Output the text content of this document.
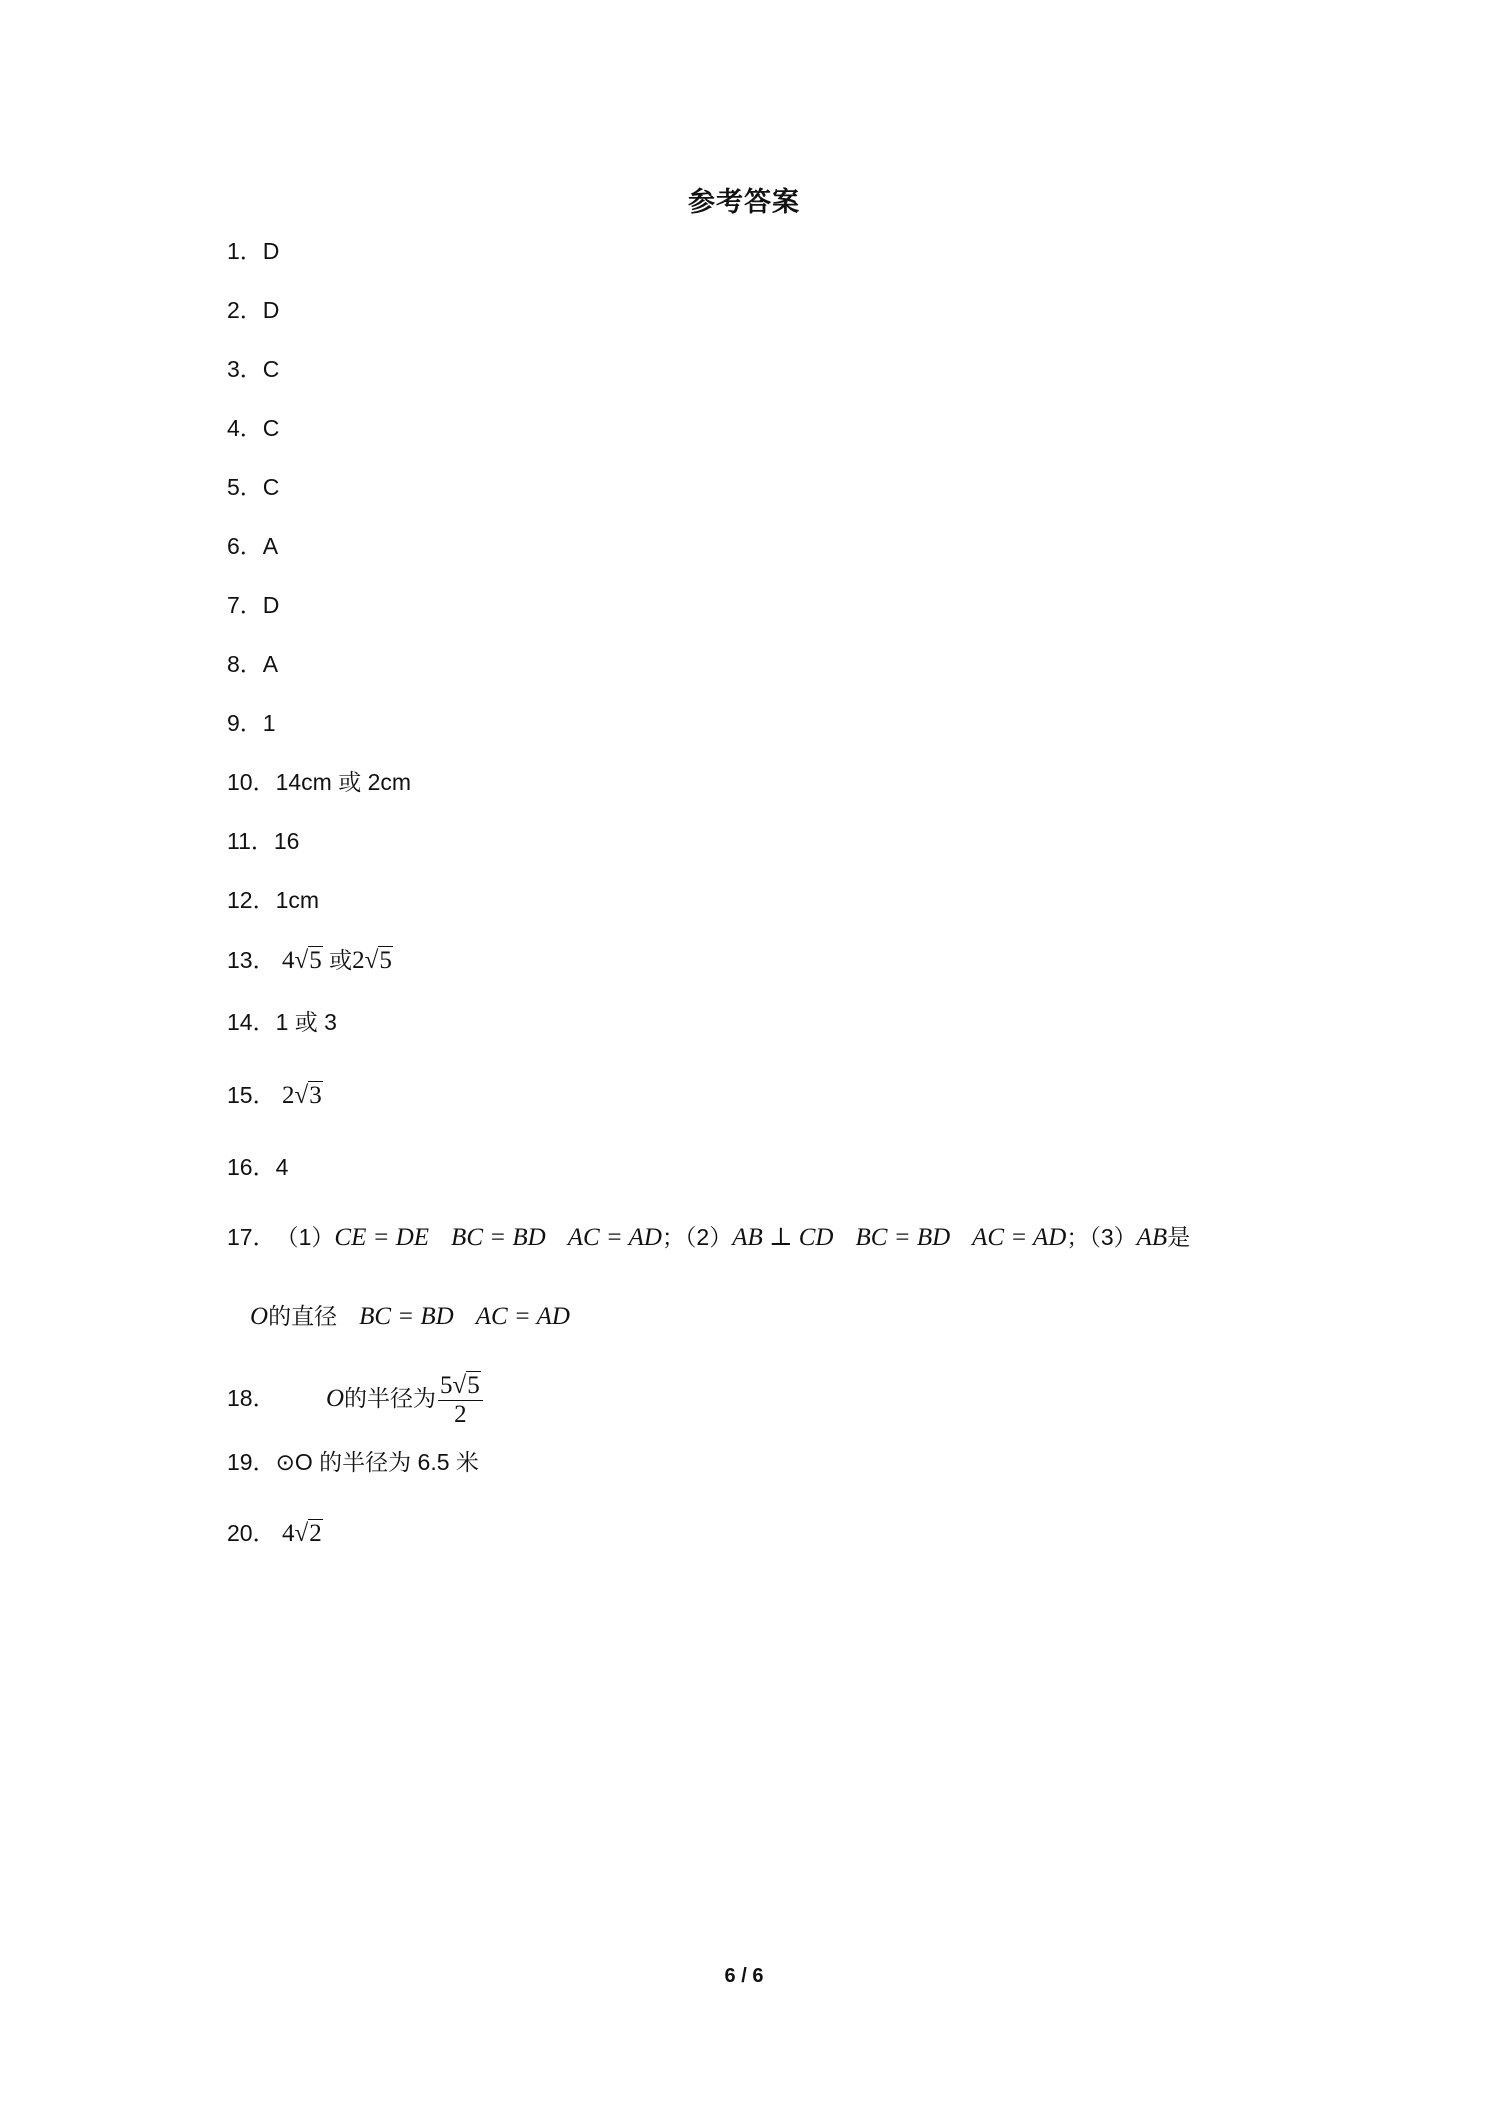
参考答案
1．D
2．D
3．C
4．C
5．C
6．A
7．D
8．A
9．1
10．14cm 或 2cm
11．16
12．1cm
13． 4√5 或2√5
14．1 或 3
15． 2√3
16．4
17．（1）CE = DE BC = BD AC = AD；（2）AB ⊥ CD BC = BD AC = AD；（3）AB是
O的直径 BC = BD AC = AD
18． O的半径为 $\frac{5√5}{2}$
19．⊙O 的半径为 6.5 米
20． 4√2
6 / 6
